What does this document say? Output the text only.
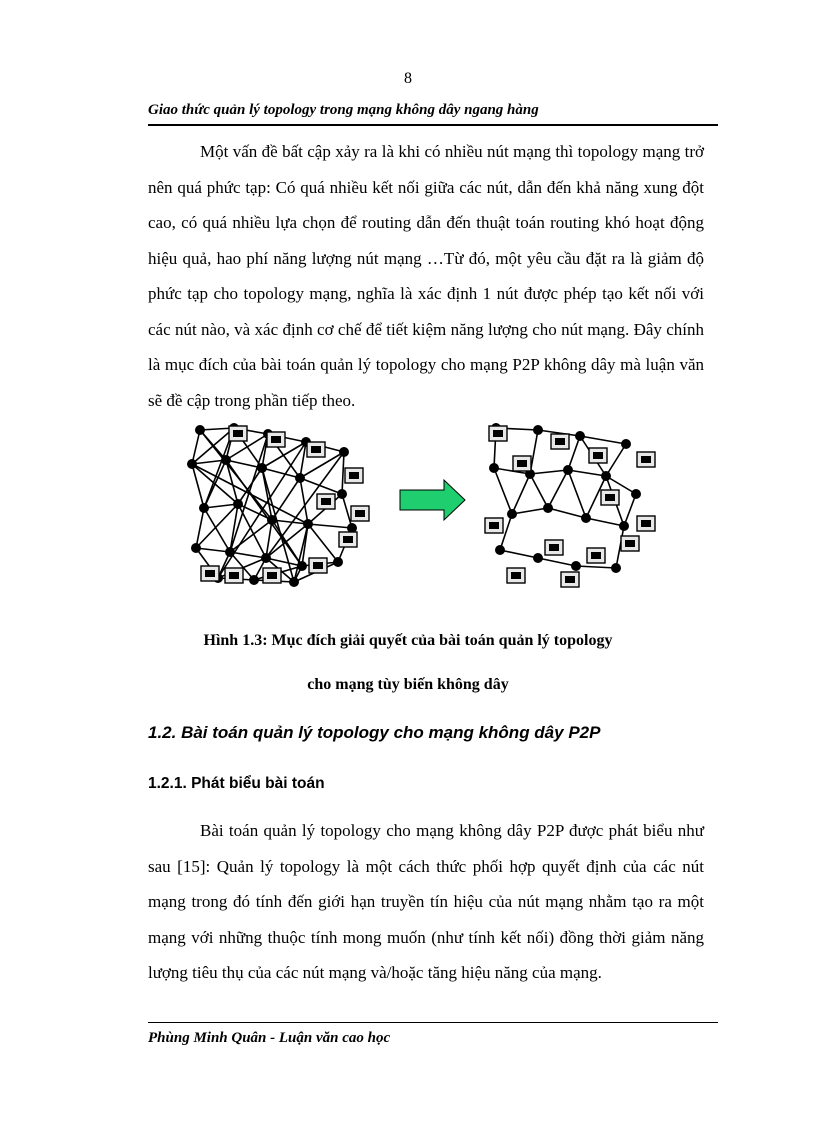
8
Giao thức quản lý topology trong mạng không dây ngang hàng

Một vấn đề bất cập xảy ra là khi có nhiều nút mạng thì topology mạng trở nên quá phức tạp: Có quá nhiều kết nối giữa các nút, dẫn đến khả năng xung đột cao, có quá nhiều lựa chọn để routing dẫn đến thuật toán routing khó hoạt động hiệu quả, hao phí năng lượng nút mạng …Từ đó, một yêu cầu đặt ra là giảm độ phức tạp cho topology mạng, nghĩa là xác định 1 nút được phép tạo kết nối với các nút nào, và xác định cơ chế để tiết kiệm năng lượng cho nút mạng. Đây chính là mục đích của bài toán quản lý topology cho mạng P2P không dây mà luận văn sẽ đề cập trong phần tiếp theo.

Hình 1.3: Mục đích giải quyết của bài toán quản lý topology
cho mạng tùy biến không dây
1.2. Bài toán quản lý topology cho mạng không dây P2P
1.2.1. Phát biểu bài toán

Bài toán quản lý topology cho mạng không dây P2P được phát biểu như sau [15]: Quản lý topology là một cách thức phối hợp quyết định của các nút mạng trong đó tính đến giới hạn truyền tín hiệu của nút mạng nhằm tạo ra một mạng với những thuộc tính mong muốn (như tính kết nối) đồng thời giảm năng lượng tiêu thụ của các nút mạng và/hoặc tăng hiệu năng của mạng.

Phùng Minh Quân - Luận văn cao học
